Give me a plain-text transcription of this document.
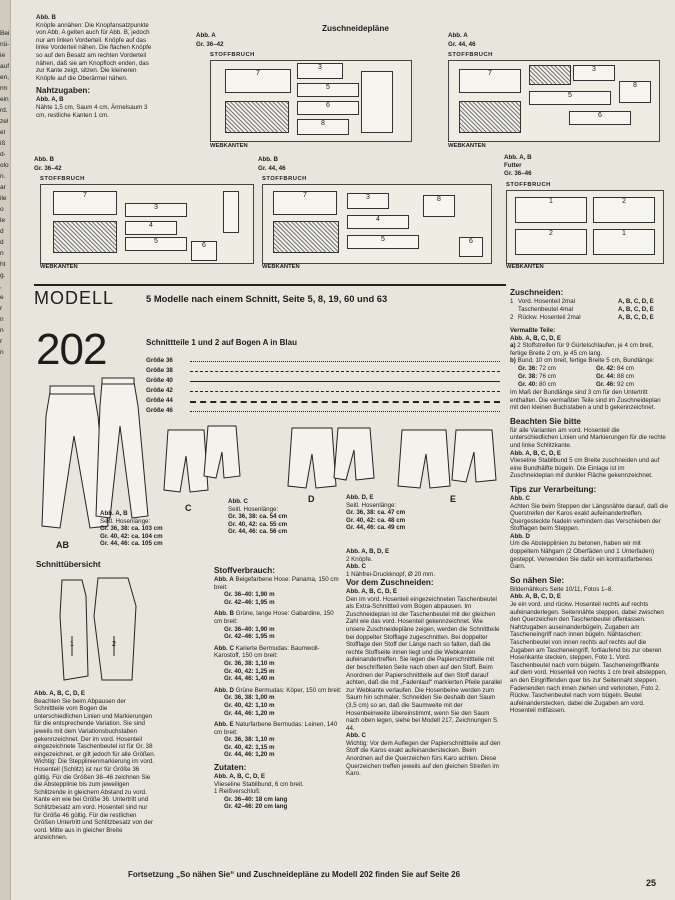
Bei
nü-
ie
auf
en,
rm
ein
rd.
zel
el
iß
d-
olo
n.
ar
ile
o
le
d
d
n
ht
g.
,
e
r
n
n
r
n

Abb. B

Knöpfe annähen: Die Knopfansatzpunkte von Abb. A gelten auch für Abb. B, jedoch nur am linken Vorderteil. Knöpfe auf das linke Vorderteil nähen. Die flachen Knöpfe so auf den Besatz am rechten Vorderteil nähen, daß sie am Knopfloch enden, das zur Kante zeigt, sitzen. Die kleineren Knöpfe auf die Oberärmel nähen.

Nahtzugaben:

Abb. A, B

Nähte 1,5 cm, Saum 4 cm, Ärmelsaum 3 cm, restliche Kanten 1 cm.

Zuschneidepläne
Abb. A
Gr. 36–42
STOFFBRUCH
7
3
5
6
8
WEBKANTEN
Abb. A
Gr. 44, 46
STOFFBRUCH
7
3
5
6
8
WEBKANTEN
Abb. B
Gr. 36–42
STOFFBRUCH
7
3
4
5
6
WEBKANTEN
Abb. B
Gr. 44, 46
STOFFBRUCH
7	3
4
5
8
6
WEBKANTEN
Abb. A, B
Futter
Gr. 36–46
STOFFBRUCH
1
2
2
1
WEBKANTEN
MODELL
202
5 Modelle nach einem Schnitt, Seite 5, 8, 19, 60 und 63
Schnittteile 1 und 2 auf Bogen A in Blau
Größe 36
Größe 38
Größe 40
Größe 42
Größe 44
Größe 46
AB
C
D	E
Abb. A, B
Seitl. Hosenlänge:
Gr. 36, 38: ca. 103 cm
Gr. 40, 42: ca. 104 cm
Gr. 44, 46: ca. 105 cm
Abb. C
Seitl. Hosenlänge:
Gr. 36, 38: ca. 54 cm
Gr. 40, 42: ca. 55 cm
Gr. 44, 46: ca. 56 cm
Abb. D, E
Seitl. Hosenlänge:
Gr. 36, 38: ca. 47 cm
Gr. 40, 42: ca. 48 cm
Gr. 44, 46: ca. 49 cm
Abb. A, B, D, E
2 Knöpfe.
Abb. C
1 Nähfrei-Druckknopf, Ø 20 mm.

Zuschneiden:

1 Vord. Hosenteil 2mal	A, B, C, D, E
Taschenbeutel 4mal	A, B, C, D, E
2 Rückw. Hosenteil 2mal	A, B, C, D, E

Vermaßte Teile:

Abb. A, B, C, D, E

a) 2 Stoffstreifen für 9 Gürtelschlaufen, je 4 cm breit, fertige Breite 2 cm, je 45 cm lang.

b) Bund, 10 cm breit, fertige Breite 5 cm, Bundlänge:

Gr. 36: 72 cm	Gr. 42: 84 cm
Gr. 38: 76 cm	Gr. 44: 88 cm
Gr. 40: 80 cm	Gr. 46: 92 cm

Im Maß der Bundlänge sind 3 cm für den Untertritt enthalten. Die vermaßten Teile sind im Zuschneideplan mit den kleinen Buchstaben a und b gekennzeichnet.

Beachten Sie bitte

für alle Varianten am vord. Hosenteil die unterschiedlichen Linien und Markierungen für die rechte und linke Schlitzkante.

Abb. A, B, C, D, E

Vlieseline Stabilbund 5 cm Breite zuschneiden und auf eine Bundhälfte bügeln. Die Einlage ist im Zuschneideplan mit dunkler Fläche gekennzeichnet.

Tips zur Verarbeitung:

Abb. C

Achten Sie beim Steppen der Längsnähte darauf, daß die Querstreifen der Karos exakt aufeinandertreffen. Quergesteckte Nadeln verhindern das Verschieben der Stofflagen beim Steppen.

Abb. D

Um die Abstepplinien zu betonen, haben wir mit doppeltem Nähgarn (2 Oberfäden und 1 Unterfaden) gesteppt. Verwenden Sie dafür ein kontrastfarbenes Garn.

So nähen Sie:

Bildernähkurs Seite 10/11, Fotos 1–8.

Abb. A, B, C, D, E

Je ein vord. und rückw. Hosenteil rechts auf rechts aufeinanderlegen. Seitennähte steppen, dabei zwischen den Querzeichen den Taschenbeutel offenlassen. Nahtzugaben auseinanderbügeln, Zugaben am Tascheneingriff nach innen bügeln. Nähtaschen: Taschenbeutel von innen rechts auf rechts auf die Zugaben am Tascheneingriff, fortlaufend bis zur oberen Hosenkante stecken, steppen, Foto 1. Vord. Taschenbeutel nach vorn bügeln. Tascheneingriffkante auf dem vord. Hosenteil von rechts 1 cm breit absteppen, an den Eingriffenden quer bis zur Seitennaht steppen. Fadenenden nach innen ziehen und verknoten, Foto 2. Rückw. Taschenbeutel nach vorn bügeln. Beutel aufeinanderstecken, dabei die Zugaben am vord. Hosenteil mitfassen.

Schnittübersicht
1	2

Abb. A, B, C, D, E

Beachten Sie beim Abpausen der Schnittteile vom Bogen die unterschiedlichen Linien und Markierungen für die entsprechende Variation. Sie sind jeweils mit dem Variationsbuchstaben gekennzeichnet. Der im vord. Hosenteil eingezeichnete Taschenbeutel ist für Gr. 38 eingezeichnet, er gilt jedoch für alle Größen.

Wichtig: Die Stepplinienmarkierung im vord. Hosenteil (Schlitz) ist nur für Größe 36 gültig. Für die Größen 38–46 zeichnen Sie die Abstepplinie bis zum jeweiligen Schlitzende in gleichem Abstand zu vord. Kante ein wie bei Größe 36. Untertritt und Schlitzbesatz am vord. Hosenteil sind nur für Größe 46 gültig. Für die restlichen Größen Untertritt und Schlitzbesatz von der vord. Mitte aus in gleicher Breite anzeichnen.

Stoffverbrauch:

Abb. A Beigefarbene Hose: Panama, 150 cm breit:

Gr. 36–40: 1,90 m

Gr. 42–46: 1,95 m

Abb. B Grüne, lange Hose: Gabardine, 150 cm breit:

Gr. 36–40: 1,90 m

Gr. 42–46: 1,95 m

Abb. C Karierte Bermudas: Baumwoll-Karostoff, 150 cm breit:

Gr. 36, 38: 1,10 m

Gr. 40, 42: 1,25 m

Gr. 44, 46: 1,40 m

Abb. D Grüne Bermudas: Köper, 150 cm breit:

Gr. 36, 38: 1,00 m

Gr. 40, 42: 1,10 m

Gr. 44, 46: 1,20 m

Abb. E Naturfarbene Bermudas: Leinen, 140 cm breit:

Gr. 36, 38: 1,10 m

Gr. 40, 42: 1,15 m

Gr. 44, 46: 1,20 m

Zutaten:

Abb. A, B, C, D, E

Vlieseline Stabilbund, 6 cm breit.

1 Reißverschluß:

Gr. 36–40: 18 cm lang

Gr. 42–46: 20 cm lang

Vor dem Zuschneiden:

Abb. A, B, C, D, E

Den im vord. Hosenteil eingezeichneten Taschenbeutel als Extra-Schnittteil vom Bogen abpausen. Im Zuschneideplan ist der Taschenbeutel mit der gleichen Zahl wie das vord. Hosenteil gekennzeichnet. Wie unsere Zuschneidepläne zeigen, werden die Schnittteile bei doppelter Stofflage zugeschnitten. Bei doppelter Stofflage den Stoff der Länge nach so falten, daß die rechte Stoffseite innen liegt und die Webkanten aufeinandertreffen. Sie legen die Papierschnittteile mit der beschrifteten Seite nach oben auf den Stoff. Beim Anordnen der Papierschnittteile auf den Stoff darauf achten, daß die mit „Fadenlauf“ markierten Pfeile parallel zur Webkante verlaufen. Die Hosenbeine werden zum Saum hin schmaler. Schneiden Sie deshalb den Saum (3,5 cm) so an, daß die Saumweite mit der Hosenbeinweite übereinstimmt, wenn Sie den Saum nach oben legen, siehe bei Modell 217, Zeichnungen S. 44.

Abb. C

Wichtig: Vor dem Auflegen der Papierschnittteile auf den Stoff die Karos exakt aufeinanderstecken. Beim Anordnen auf die Querzeichen fürs Karo achten. Diese Querzeichen treffen jeweils auf den gleichen Streifen im Karo.

Fortsetzung „So nähen Sie“ und Zuschneidepläne zu Modell 202 finden Sie auf Seite 26
25
